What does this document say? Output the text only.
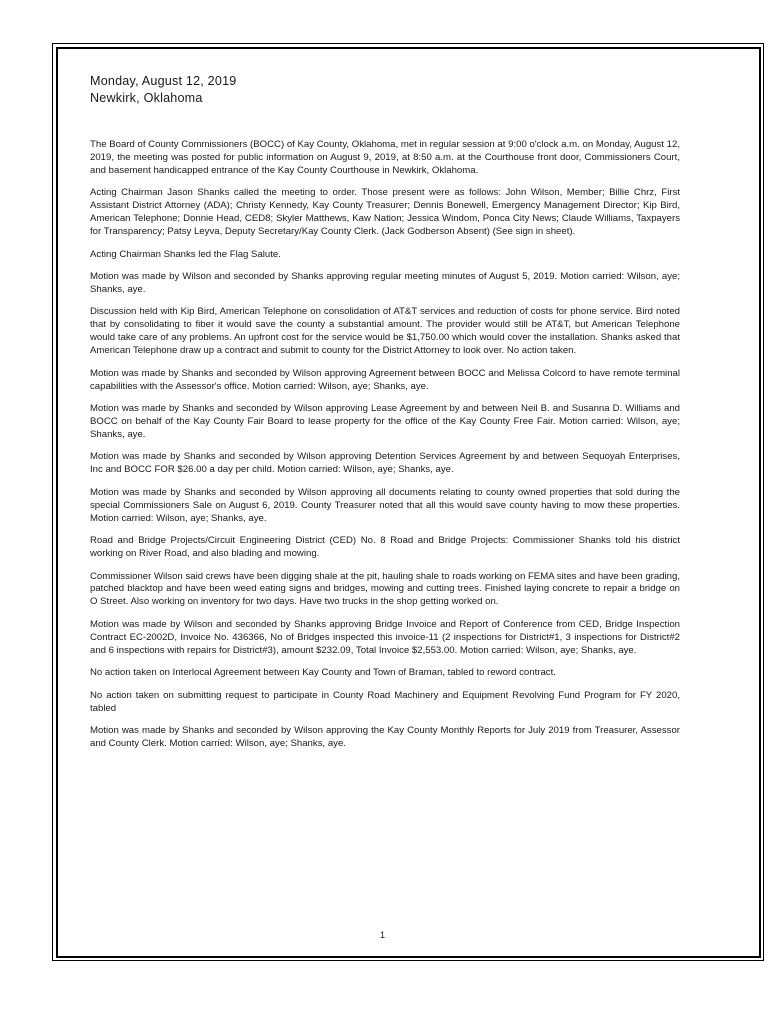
Monday, August 12, 2019

Newkirk, Oklahoma

The Board of County Commissioners (BOCC) of Kay County, Oklahoma, met in regular session at 9:00 o'clock a.m. on Monday, August 12, 2019, the meeting was posted for public information on August 9, 2019, at 8:50 a.m. at the Courthouse front door, Commissioners Court, and basement handicapped entrance of the Kay County Courthouse in Newkirk, Oklahoma.

Acting Chairman Jason Shanks called the meeting to order. Those present were as follows: John Wilson, Member; Billie Chrz, First Assistant District Attorney (ADA); Christy Kennedy, Kay County Treasurer; Dennis Bonewell, Emergency Management Director; Kip Bird, American Telephone; Donnie Head, CED8; Skyler Matthews, Kaw Nation; Jessica Windom, Ponca City News; Claude Williams, Taxpayers for Transparency; Patsy Leyva, Deputy Secretary/Kay County Clerk. (Jack Godberson Absent) (See sign in sheet).

Acting Chairman Shanks led the Flag Salute.

Motion was made by Wilson and seconded by Shanks approving regular meeting minutes of August 5, 2019. Motion carried: Wilson, aye; Shanks, aye.

Discussion held with Kip Bird, American Telephone on consolidation of AT&T services and reduction of costs for phone service. Bird noted that by consolidating to fiber it would save the county a substantial amount. The provider would still be AT&T, but American Telephone would take care of any problems. An upfront cost for the service would be $1,750.00 which would cover the installation. Shanks asked that American Telephone draw up a contract and submit to county for the District Attorney to look over. No action taken.

Motion was made by Shanks and seconded by Wilson approving Agreement between BOCC and Melissa Colcord to have remote terminal capabilities with the Assessor's office. Motion carried: Wilson, aye; Shanks, aye.

Motion was made by Shanks and seconded by Wilson approving Lease Agreement by and between Neil B. and Susanna D. Williams and BOCC on behalf of the Kay County Fair Board to lease property for the office of the Kay County Free Fair. Motion carried: Wilson, aye; Shanks, aye.

Motion was made by Shanks and seconded by Wilson approving Detention Services Agreement by and between Sequoyah Enterprises, Inc and BOCC FOR $26.00 a day per child. Motion carried: Wilson, aye; Shanks, aye.

Motion was made by Shanks and seconded by Wilson approving all documents relating to county owned properties that sold during the special Commissioners Sale on August 6, 2019. County Treasurer noted that all this would save county having to mow these properties. Motion carried: Wilson, aye; Shanks, aye.

Road and Bridge Projects/Circuit Engineering District (CED) No. 8 Road and Bridge Projects: Commissioner Shanks told his district working on River Road, and also blading and mowing.

Commissioner Wilson said crews have been digging shale at the pit, hauling shale to roads working on FEMA sites and have been grading, patched blacktop and have been weed eating signs and bridges, mowing and cutting trees. Finished laying concrete to repair a bridge on O Street. Also working on inventory for two days. Have two trucks in the shop getting worked on.

Motion was made by Wilson and seconded by Shanks approving Bridge Invoice and Report of Conference from CED, Bridge Inspection Contract EC-2002D, Invoice No. 436366, No of Bridges inspected this invoice-11 (2 inspections for District#1, 3 inspections for District#2 and 6 inspections with repairs for District#3), amount $232.09, Total Invoice $2,553.00. Motion carried: Wilson, aye; Shanks, aye.

No action taken on Interlocal Agreement between Kay County and Town of Braman, tabled to reword contract.

No action taken on submitting request to participate in County Road Machinery and Equipment Revolving Fund Program for FY 2020, tabled

Motion was made by Shanks and seconded by Wilson approving the Kay County Monthly Reports for July 2019 from Treasurer, Assessor and County Clerk. Motion carried: Wilson, aye; Shanks, aye.

1
